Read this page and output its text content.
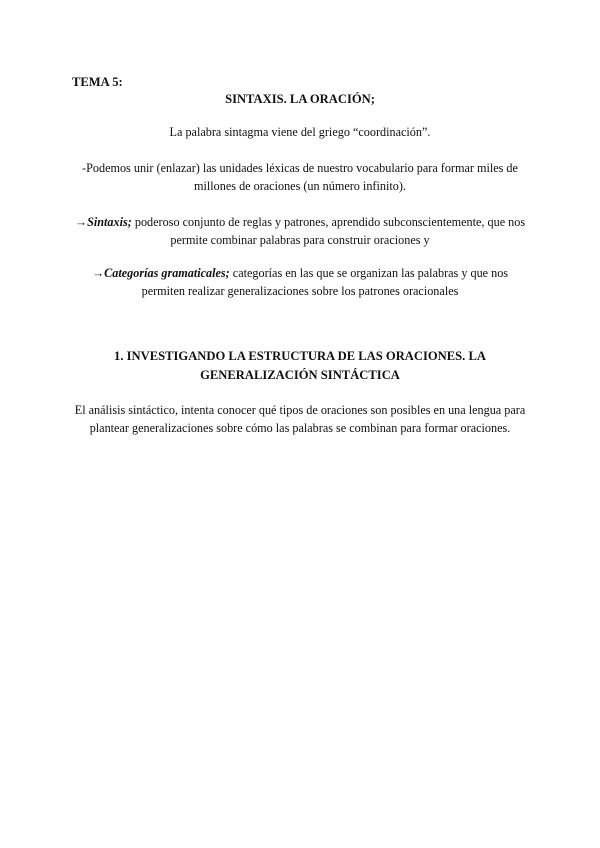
TEMA 5:
SINTAXIS. LA ORACIÓN;
La palabra sintagma viene del griego “coordinación”.
-Podemos unir (enlazar) las unidades léxicas de nuestro vocabulario para formar miles de millones de oraciones (un número infinito).
→Sintaxis; poderoso conjunto de reglas y patrones, aprendido subconscientemente, que nos permite combinar palabras para construir oraciones y
→Categorías gramaticales; categorías en las que se organizan las palabras y que nos permiten realizar generalizaciones sobre los patrones oracionales
1. INVESTIGANDO LA ESTRUCTURA DE LAS ORACIONES. LA GENERALIZACIÓN SINTÁCTICA
El análisis sintáctico, intenta conocer qué tipos de oraciones son posibles en una lengua para plantear generalizaciones sobre cómo las palabras se combinan para formar oraciones.
